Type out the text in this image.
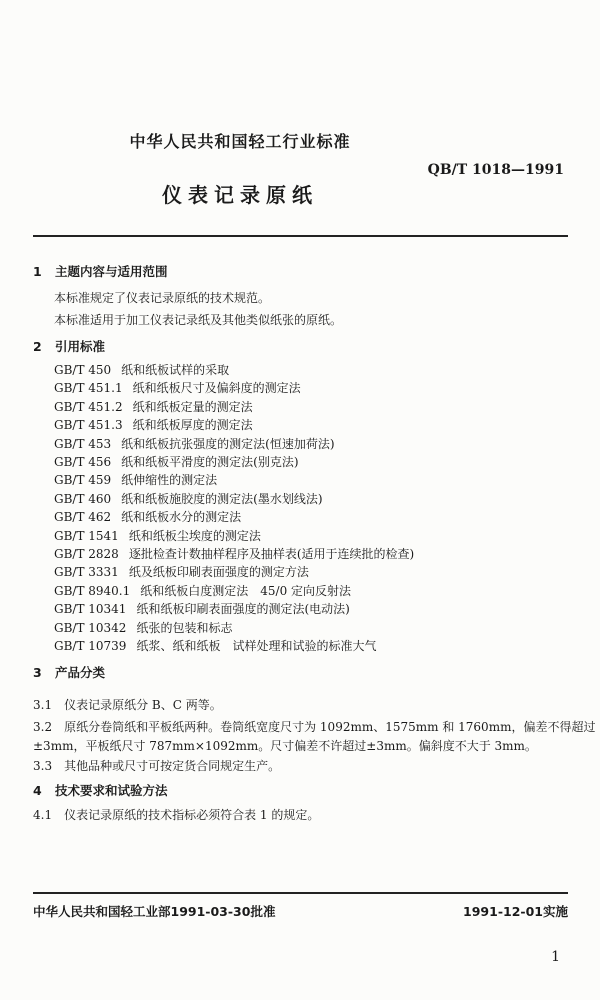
中华人民共和国轻工行业标准
QB/T 1018—1991
仪表记录原纸
1 主题内容与适用范围
本标准规定了仪表记录原纸的技术规范。
本标准适用于加工仪表记录纸及其他类似纸张的原纸。
2 引用标准
GB/T 450 纸和纸板试样的采取
GB/T 451.1 纸和纸板尺寸及偏斜度的测定法
GB/T 451.2 纸和纸板定量的测定法
GB/T 451.3 纸和纸板厚度的测定法
GB/T 453 纸和纸板抗张强度的测定法(恒速加荷法)
GB/T 456 纸和纸板平滑度的测定法(别克法)
GB/T 459 纸伸缩性的测定法
GB/T 460 纸和纸板施胶度的测定法(墨水划线法)
GB/T 462 纸和纸板水分的测定法
GB/T 1541 纸和纸板尘埃度的测定法
GB/T 2828 逐批检查计数抽样程序及抽样表(适用于连续批的检查)
GB/T 3331 纸及纸板印刷表面强度的测定方法
GB/T 8940.1 纸和纸板白度测定法　45/0 定向反射法
GB/T 10341 纸和纸板印刷表面强度的测定法(电动法)
GB/T 10342 纸张的包装和标志
GB/T 10739 纸浆、纸和纸板　试样处理和试验的标准大气
3 产品分类
3.1　 仪表记录原纸分 B、C 两等。
3.2　 原纸分卷筒纸和平板纸两种。卷筒纸宽度尺寸为 1092mm、1575mm 和 1760mm，偏差不得超过
±3mm，平板纸尺寸 787mm×1092mm。尺寸偏差不许超过±3mm。偏斜度不大于 3mm。
3.3　 其他品种或尺寸可按定货合同规定生产。
4 技术要求和试验方法
4.1　 仪表记录原纸的技术指标必须符合表 1 的规定。
中华人民共和国轻工业部1991-03-30批准	1991-12-01实施
1
